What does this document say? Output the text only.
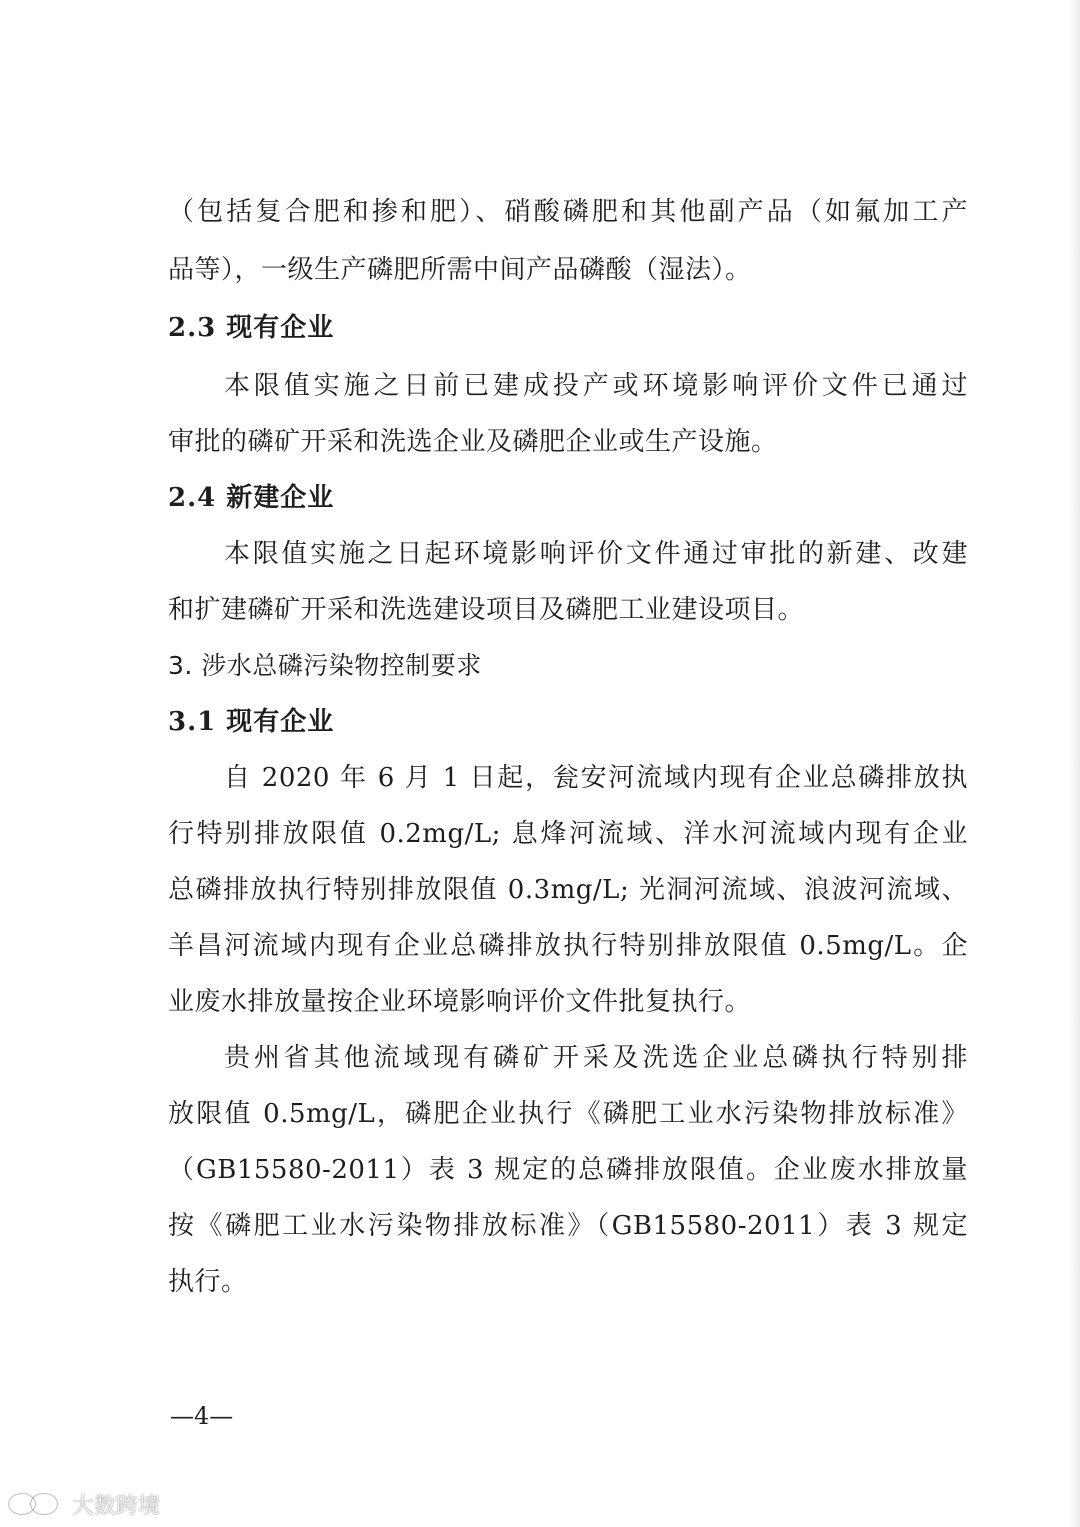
（包括复合肥和掺和肥）、硝酸磷肥和其他副产品（如氟加工产
品等），一级生产磷肥所需中间产品磷酸（湿法）。
2.3 现有企业
本限值实施之日前已建成投产或环境影响评价文件已通过
审批的磷矿开采和洗选企业及磷肥企业或生产设施。
2.4 新建企业
本限值实施之日起环境影响评价文件通过审批的新建、改建
和扩建磷矿开采和洗选建设项目及磷肥工业建设项目。
3. 涉水总磷污染物控制要求
3.1 现有企业
自 2020 年 6 月 1 日起，瓮安河流域内现有企业总磷排放执
行特别排放限值 0.2mg/L; 息烽河流域、洋水河流域内现有企业
总磷排放执行特别排放限值 0.3mg/L; 光洞河流域、浪波河流域、
羊昌河流域内现有企业总磷排放执行特别排放限值 0.5mg/L。企
业废水排放量按企业环境影响评价文件批复执行。
贵州省其他流域现有磷矿开采及洗选企业总磷执行特别排
放限值 0.5mg/L，磷肥企业执行《磷肥工业水污染物排放标准》
（GB15580-2011）表 3 规定的总磷排放限值。企业废水排放量
按《磷肥工业水污染物排放标准》（GB15580-2011）表 3 规定
执行。
—4—
大数跨境
